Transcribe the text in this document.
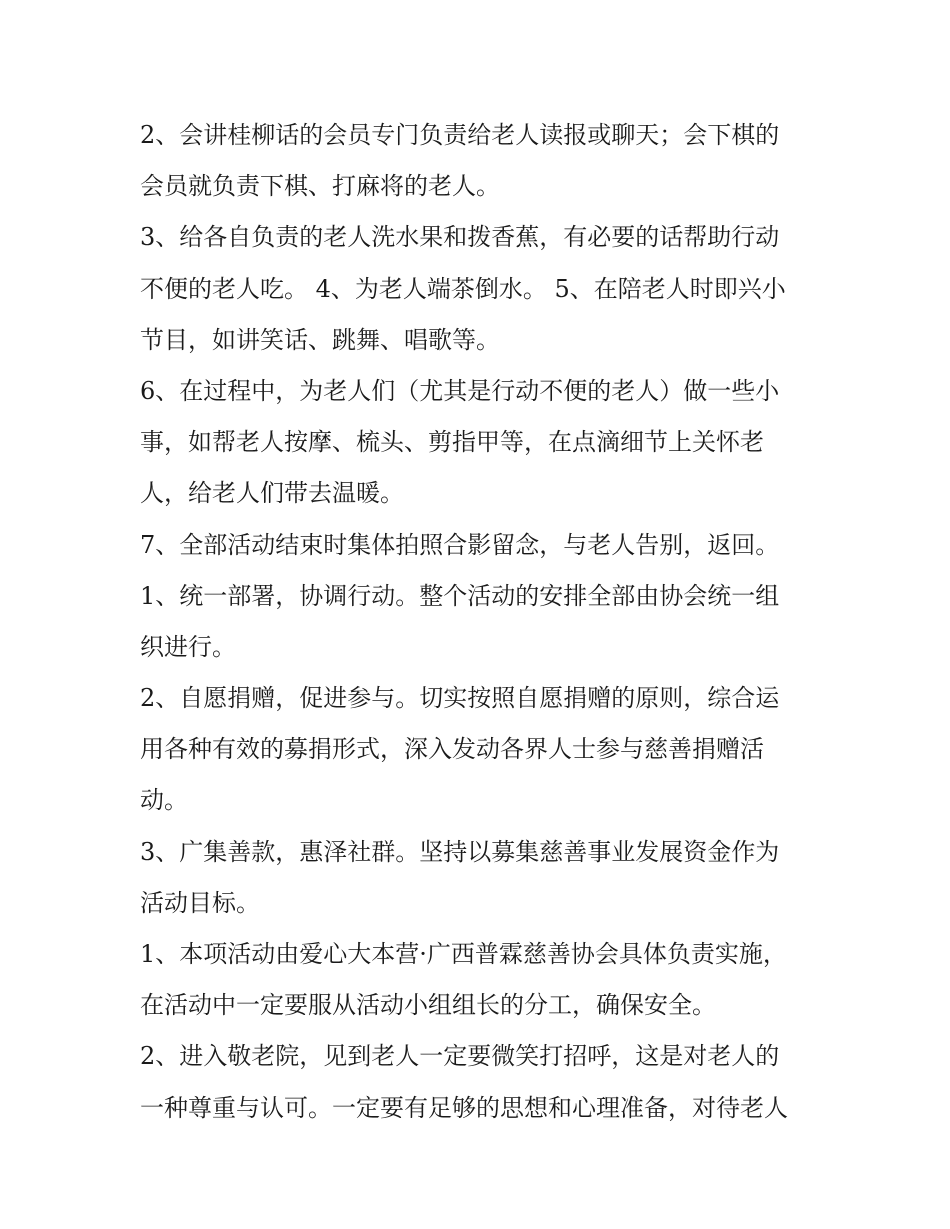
2、会讲桂柳话的会员专门负责给老人读报或聊天；会下棋的
会员就负责下棋、打麻将的老人。
3、给各自负责的老人洗水果和拨香蕉，有必要的话帮助行动
不便的老人吃。 4、为老人端茶倒水。 5、在陪老人时即兴小
节目，如讲笑话、跳舞、唱歌等。
6、在过程中，为老人们（尤其是行动不便的老人）做一些小
事，如帮老人按摩、梳头、剪指甲等，在点滴细节上关怀老
人，给老人们带去温暖。
7、全部活动结束时集体拍照合影留念，与老人告别，返回。
1、统一部署，协调行动。整个活动的安排全部由协会统一组
织进行。
2、自愿捐赠，促进参与。切实按照自愿捐赠的原则，综合运
用各种有效的募捐形式，深入发动各界人士参与慈善捐赠活
动。
3、广集善款，惠泽社群。坚持以募集慈善事业发展资金作为
活动目标。
1、本项活动由爱心大本营·广西普霖慈善协会具体负责实施，
在活动中一定要服从活动小组组长的分工，确保安全。
2、进入敬老院，见到老人一定要微笑打招呼，这是对老人的
一种尊重与认可。一定要有足够的思想和心理准备，对待老人
